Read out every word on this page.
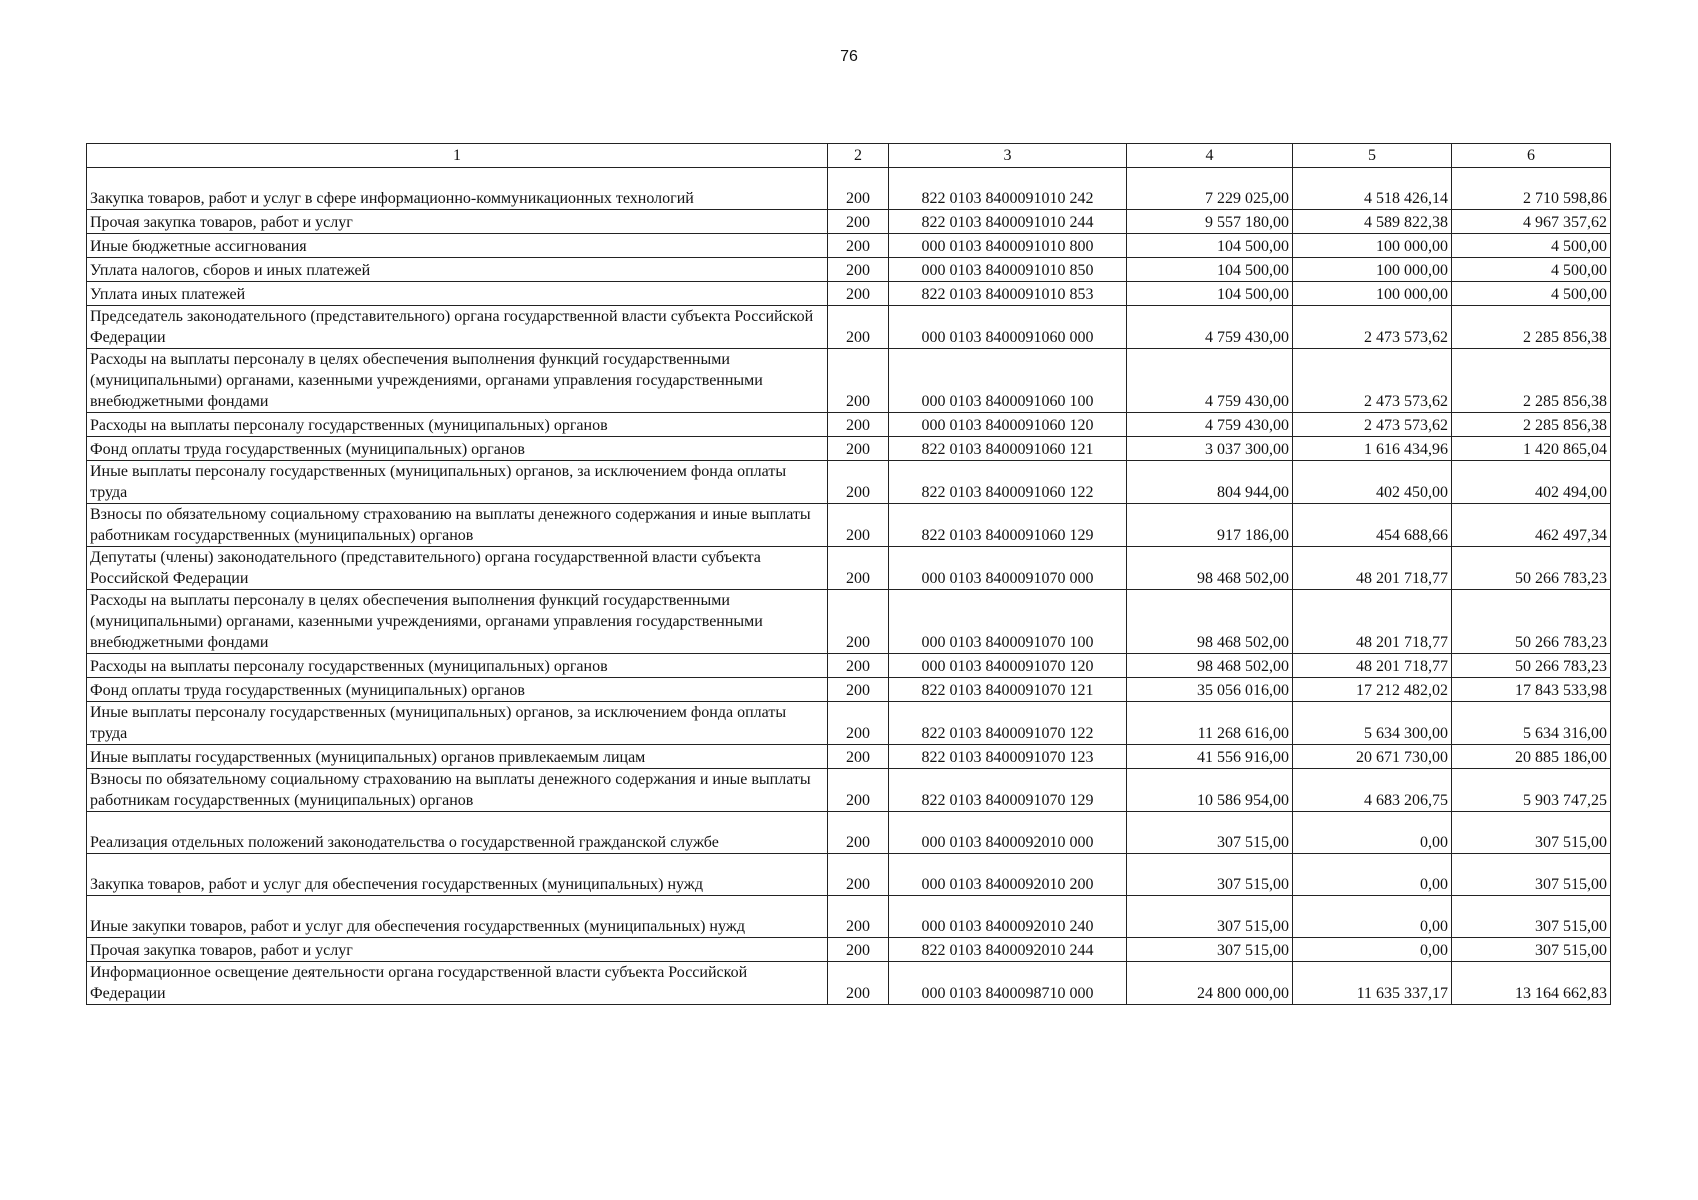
76
1	2	3	4	5	6
Закупка товаров, работ и услуг в сфере информационно-коммуникационных технологий	200	822 0103 8400091010 242	7 229 025,00	4 518 426,14	2 710 598,86
Прочая закупка товаров, работ и услуг	200	822 0103 8400091010 244	9 557 180,00	4 589 822,38	4 967 357,62
Иные бюджетные ассигнования	200	000 0103 8400091010 800	104 500,00	100 000,00	4 500,00
Уплата налогов, сборов и иных платежей	200	000 0103 8400091010 850	104 500,00	100 000,00	4 500,00
Уплата иных платежей	200	822 0103 8400091010 853	104 500,00	100 000,00	4 500,00
Председатель законодательного (представительного) органа государственной власти субъекта Российской Федерации	200	000 0103 8400091060 000	4 759 430,00	2 473 573,62	2 285 856,38
Расходы на выплаты персоналу в целях обеспечения выполнения функций государственными (муниципальными) органами, казенными учреждениями, органами управления государственными внебюджетными фондами	200	000 0103 8400091060 100	4 759 430,00	2 473 573,62	2 285 856,38
Расходы на выплаты персоналу государственных (муниципальных) органов	200	000 0103 8400091060 120	4 759 430,00	2 473 573,62	2 285 856,38
Фонд оплаты труда государственных (муниципальных) органов	200	822 0103 8400091060 121	3 037 300,00	1 616 434,96	1 420 865,04
Иные выплаты персоналу государственных (муниципальных) органов, за исключением фонда оплаты труда	200	822 0103 8400091060 122	804 944,00	402 450,00	402 494,00
Взносы по обязательному социальному страхованию на выплаты денежного содержания и иные выплаты работникам государственных (муниципальных) органов	200	822 0103 8400091060 129	917 186,00	454 688,66	462 497,34
Депутаты (члены) законодательного (представительного) органа государственной власти субъекта Российской Федерации	200	000 0103 8400091070 000	98 468 502,00	48 201 718,77	50 266 783,23
Расходы на выплаты персоналу в целях обеспечения выполнения функций государственными (муниципальными) органами, казенными учреждениями, органами управления государственными внебюджетными фондами	200	000 0103 8400091070 100	98 468 502,00	48 201 718,77	50 266 783,23
Расходы на выплаты персоналу государственных (муниципальных) органов	200	000 0103 8400091070 120	98 468 502,00	48 201 718,77	50 266 783,23
Фонд оплаты труда государственных (муниципальных) органов	200	822 0103 8400091070 121	35 056 016,00	17 212 482,02	17 843 533,98
Иные выплаты персоналу государственных (муниципальных) органов, за исключением фонда оплаты труда	200	822 0103 8400091070 122	11 268 616,00	5 634 300,00	5 634 316,00
Иные выплаты государственных (муниципальных) органов привлекаемым лицам	200	822 0103 8400091070 123	41 556 916,00	20 671 730,00	20 885 186,00
Взносы по обязательному социальному страхованию на выплаты денежного содержания и иные выплаты работникам государственных (муниципальных) органов	200	822 0103 8400091070 129	10 586 954,00	4 683 206,75	5 903 747,25
Реализация отдельных положений законодательства о государственной гражданской службе	200	000 0103 8400092010 000	307 515,00	0,00	307 515,00
Закупка товаров, работ и услуг для обеспечения государственных (муниципальных) нужд	200	000 0103 8400092010 200	307 515,00	0,00	307 515,00
Иные закупки товаров, работ и услуг для обеспечения государственных (муниципальных) нужд	200	000 0103 8400092010 240	307 515,00	0,00	307 515,00
Прочая закупка товаров, работ и услуг	200	822 0103 8400092010 244	307 515,00	0,00	307 515,00
Информационное освещение деятельности органа государственной власти субъекта Российской Федерации	200	000 0103 8400098710 000	24 800 000,00	11 635 337,17	13 164 662,83
